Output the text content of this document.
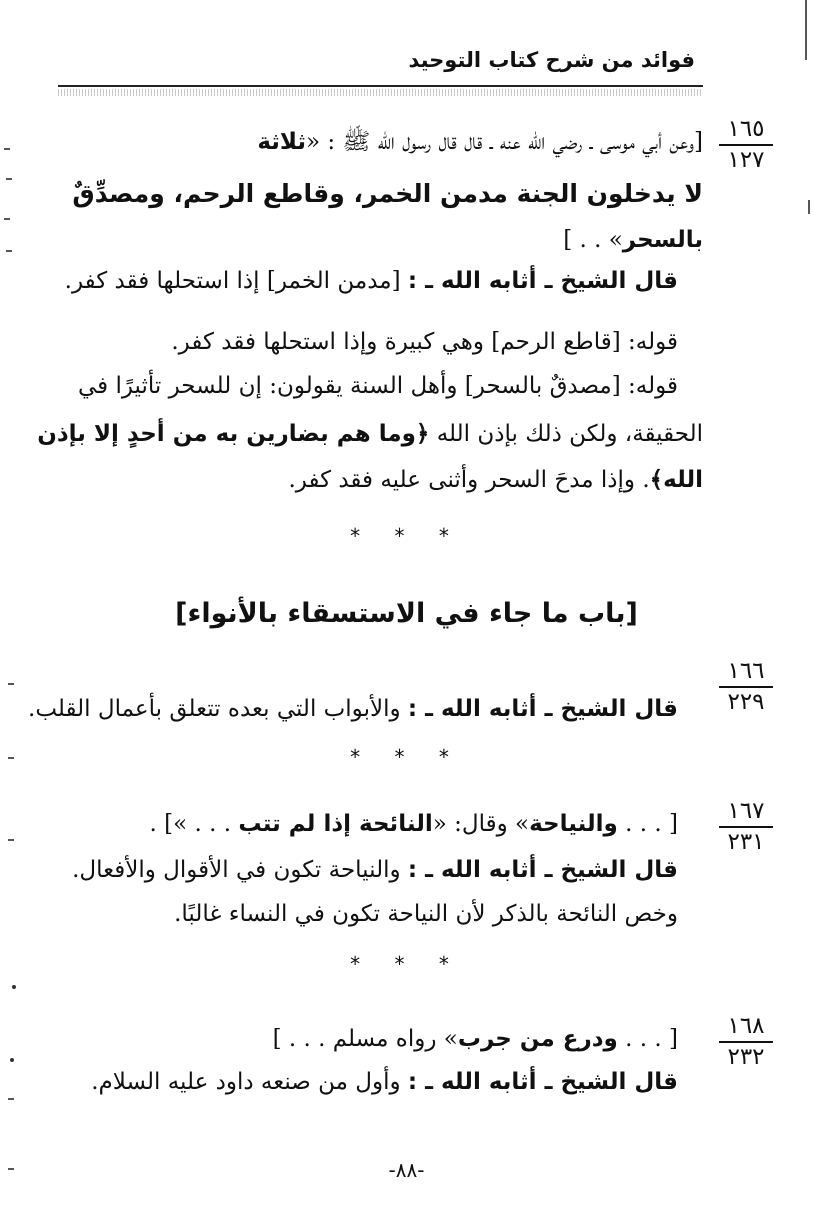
فوائد من شرح كتاب التوحيد
١٦٥
١٢٧
[وعن أبي موسى ـ رضي الله عنه ـ قال قال رسول الله ﷺ : «ثلاثة
لا يدخلون الجنة مدمن الخمر، وقاطع الرحم، ومصدِّقٌ
بالسحر» . . ]
قال الشيخ ـ أثابه الله ـ : [مدمن الخمر] إذا استحلها فقد كفر.
قوله: [قاطع الرحم] وهي كبيرة وإذا استحلها فقد كفر.
قوله: [مصدقٌ بالسحر] وأهل السنة يقولون: إن للسحر تأثيرًا في
الحقيقة، ولكن ذلك بإذن الله ﴿وما هم بضارين به من أحدٍ إلا بإذن
الله﴾. وإذا مدحَ السحر وأثنى عليه فقد كفر.
* * *
[باب ما جاء في الاستسقاء بالأنواء]
١٦٦
٢٢٩
قال الشيخ ـ أثابه الله ـ : والأبواب التي بعده تتعلق بأعمال القلب.
* * *
١٦٧
٢٣١
[ . . . والنياحة» وقال: «النائحة إذا لم تتب . . . »] .
قال الشيخ ـ أثابه الله ـ : والنياحة تكون في الأقوال والأفعال.
وخص النائحة بالذكر لأن النياحة تكون في النساء غالبًا.
* * *
١٦٨
٢٣٢
[ . . . ودرع من جرب» رواه مسلم . . . ]
قال الشيخ ـ أثابه الله ـ : وأول من صنعه داود عليه السلام.
-٨٨-
